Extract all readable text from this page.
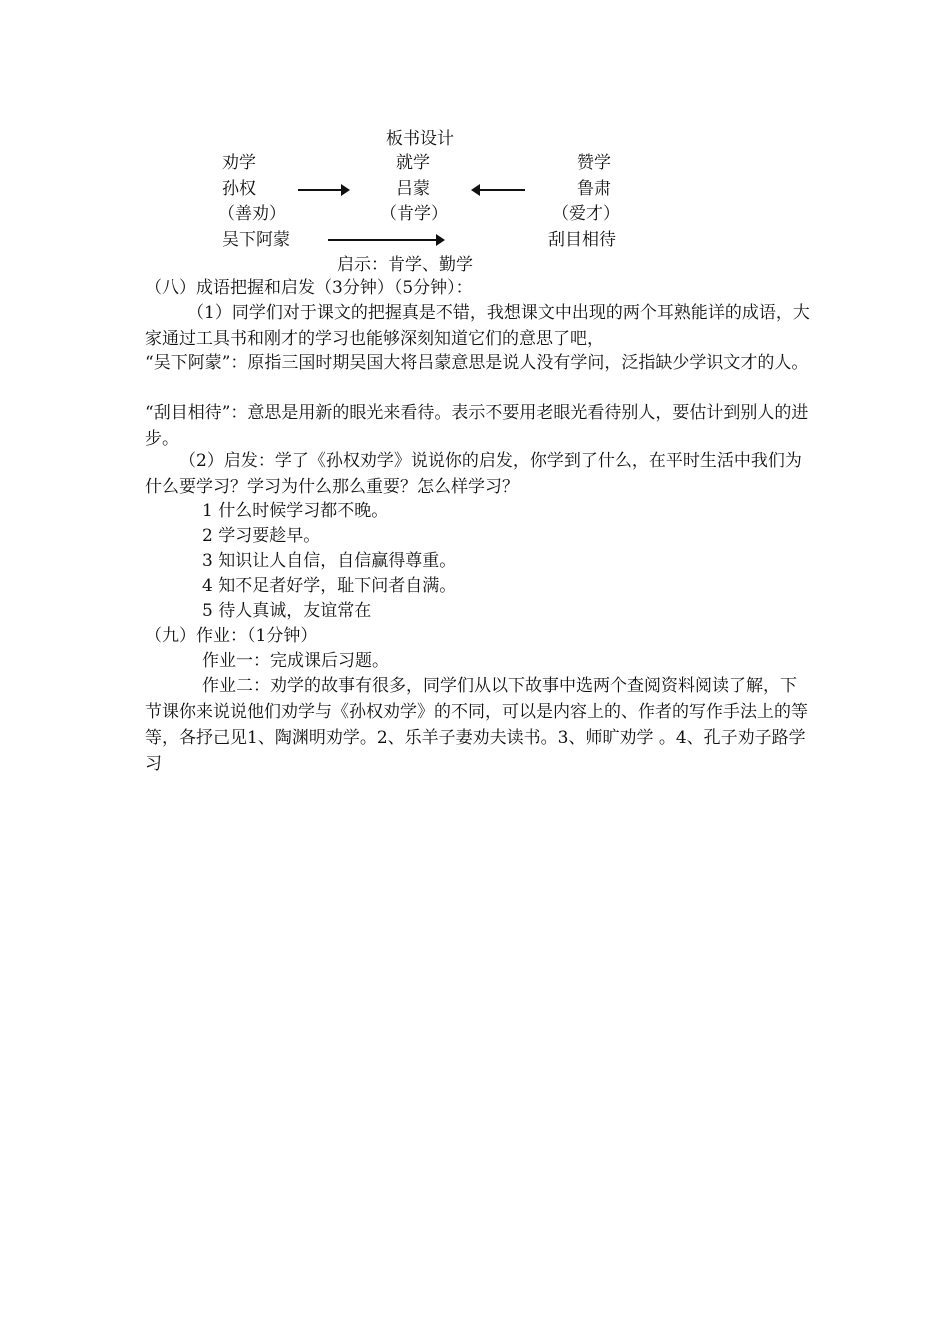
板书设计
劝学
孙权
（善劝）
吴下阿蒙
就学
吕蒙
（肯学）
赞学
鲁肃
（爱才）
刮目相待
启示：肯学、勤学
（八）成语把握和启发（3分钟）（5分钟）：
（1）同学们对于课文的把握真是不错，我想课文中出现的两个耳熟能详的成语，大家通过工具书和刚才的学习也能够深刻知道它们的意思了吧，
“吴下阿蒙”：原指三国时期吴国大将吕蒙意思是说人没有学问，泛指缺少学识文才的人。
“刮目相待”：意思是用新的眼光来看待。表示不要用老眼光看待别人，要估计到别人的进步。
（2）启发：学了《孙权劝学》说说你的启发，你学到了什么，在平时生活中我们为什么要学习？学习为什么那么重要？怎么样学习？
1 什么时候学习都不晚。
2 学习要趁早。
3 知识让人自信，自信赢得尊重。
4 知不足者好学，耻下问者自满。
5 待人真诚，友谊常在
（九）作业：（1分钟）
作业一：完成课后习题。
作业二：劝学的故事有很多，同学们从以下故事中选两个查阅资料阅读了解，下节课你来说说他们劝学与《孙权劝学》的不同，可以是内容上的、作者的写作手法上的等等，各抒己见1、陶渊明劝学。2、乐羊子妻劝夫读书。3、师旷劝学 。4、孔子劝子路学习
